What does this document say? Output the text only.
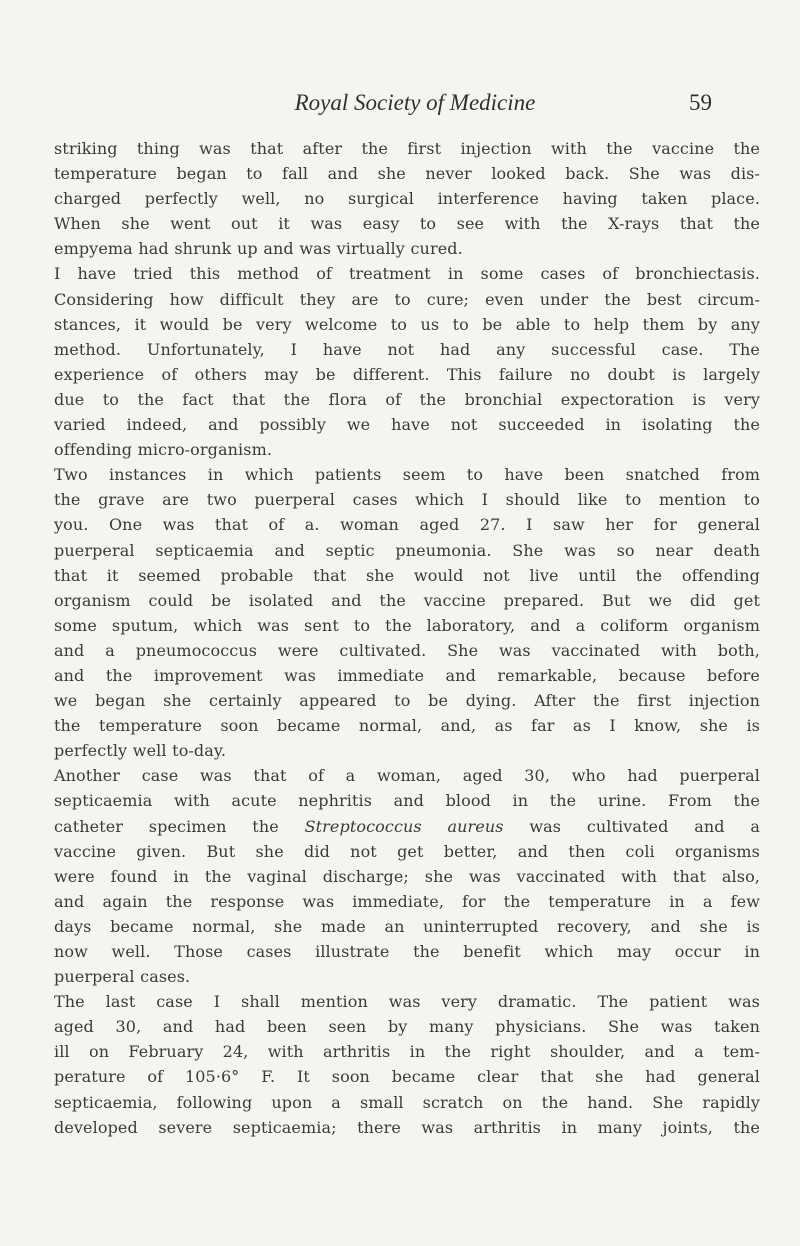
Royal Society of Medicine	59
striking thing was that after the first injection with the vaccine the
temperature began to fall and she never looked back. She was dis-
charged perfectly well, no surgical interference having taken place.
When she went out it was easy to see with the X-rays that the
empyema had shrunk up and was virtually cured.
I have tried this method of treatment in some cases of bronchiectasis.
Considering how difficult they are to cure; even under the best circum-
stances, it would be very welcome to us to be able to help them by any
method. Unfortunately, I have not had any successful case. The
experience of others may be different. This failure no doubt is largely
due to the fact that the flora of the bronchial expectoration is very
varied indeed, and possibly we have not succeeded in isolating the
offending micro-organism.
Two instances in which patients seem to have been snatched from
the grave are two puerperal cases which I should like to mention to
you. One was that of a. woman aged 27. I saw her for general
puerperal septicaemia and septic pneumonia. She was so near death
that it seemed probable that she would not live until the offending
organism could be isolated and the vaccine prepared. But we did get
some sputum, which was sent to the laboratory, and a coliform organism
and a pneumococcus were cultivated. She was vaccinated with both,
and the improvement was immediate and remarkable, because before
we began she certainly appeared to be dying. After the first injection
the temperature soon became normal, and, as far as I know, she is
perfectly well to-day.
Another case was that of a woman, aged 30, who had puerperal
septicaemia with acute nephritis and blood in the urine. From the
catheter specimen the Streptococcus aureus was cultivated and a
vaccine given. But she did not get better, and then coli organisms
were found in the vaginal discharge; she was vaccinated with that also,
and again the response was immediate, for the temperature in a few
days became normal, she made an uninterrupted recovery, and she is
now well. Those cases illustrate the benefit which may occur in
puerperal cases.
The last case I shall mention was very dramatic. The patient was
aged 30, and had been seen by many physicians. She was taken
ill on February 24, with arthritis in the right shoulder, and a tem-
perature of 105·6° F. It soon became clear that she had general
septicaemia, following upon a small scratch on the hand. She rapidly
developed severe septicaemia; there was arthritis in many joints, the
